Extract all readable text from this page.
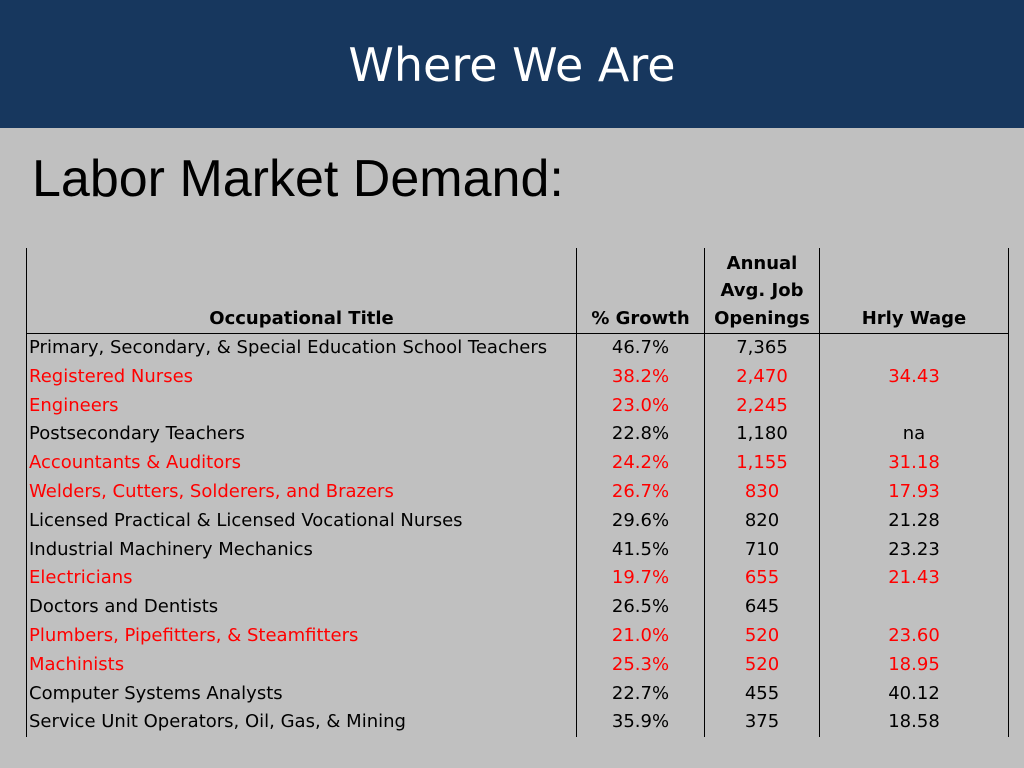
Where We Are
Labor Market Demand:
Occupational Title	% Growth	Annual
Avg. Job
Openings	Hrly Wage
Primary, Secondary, & Special Education School Teachers	46.7%	7,365	
Registered Nurses	38.2%	2,470	34.43
Engineers	23.0%	2,245	
Postsecondary Teachers	22.8%	1,180	na
Accountants & Auditors	24.2%	1,155	31.18
Welders, Cutters, Solderers, and Brazers	26.7%	830	17.93
Licensed Practical & Licensed Vocational Nurses	29.6%	820	21.28
Industrial Machinery Mechanics	41.5%	710	23.23
Electricians	19.7%	655	21.43
Doctors and Dentists	26.5%	645	
Plumbers, Pipefitters, & Steamfitters	21.0%	520	23.60
Machinists	25.3%	520	18.95
Computer Systems Analysts	22.7%	455	40.12
Service Unit Operators, Oil, Gas, & Mining	35.9%	375	18.58
